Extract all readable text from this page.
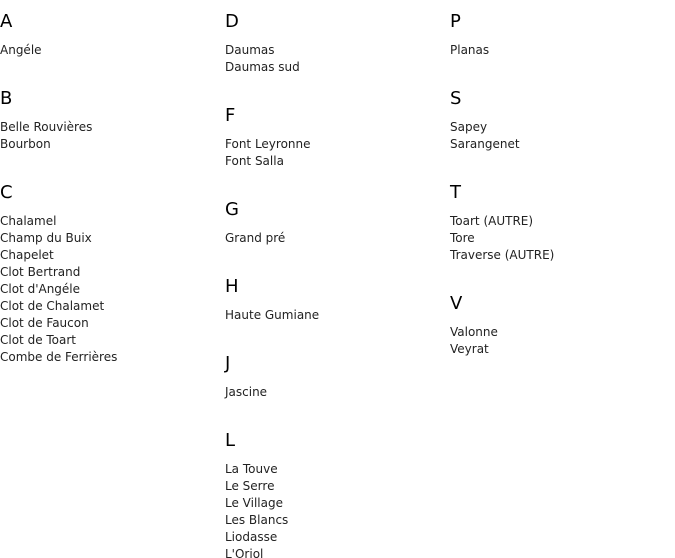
A
Angéle
B
Belle Rouvières
Bourbon
C
Chalamel
Champ du Buix
Chapelet
Clot Bertrand
Clot d'Angéle
Clot de Chalamet
Clot de Faucon
Clot de Toart
Combe de Ferrières
D
Daumas
Daumas sud
F
Font Leyronne
Font Salla
G
Grand pré
H
Haute Gumiane
J
Jascine
L
La Touve
Le Serre
Le Village
Les Blancs
Liodasse
L'Oriol
P
Planas
S
Sapey
Sarangenet
T
Toart (AUTRE)
Tore
Traverse (AUTRE)
V
Valonne
Veyrat
